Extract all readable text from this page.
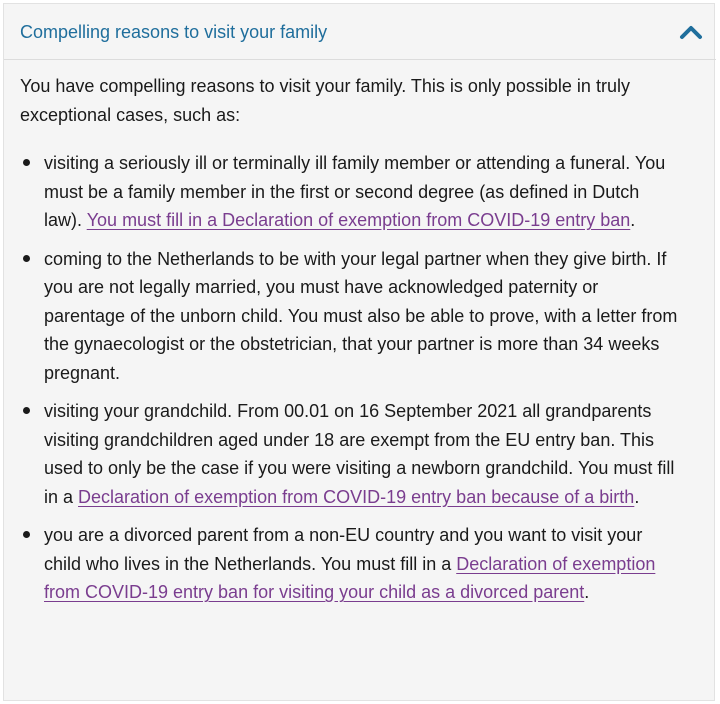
Compelling reasons to visit your family

You have compelling reasons to visit your family. This is only possible in truly exceptional cases, such as:

visiting a seriously ill or terminally ill family member or attending a funeral. You must be a family member in the first or second degree (as defined in Dutch law). You must fill in a Declaration of exemption from COVID-19 entry ban.
coming to the Netherlands to be with your legal partner when they give birth. If you are not legally married, you must have acknowledged paternity or parentage of the unborn child. You must also be able to prove, with a letter from the gynaecologist or the obstetrician, that your partner is more than 34 weeks pregnant.
visiting your grandchild. From 00.01 on 16 September 2021 all grandparents visiting grandchildren aged under 18 are exempt from the EU entry ban. This used to only be the case if you were visiting a newborn grandchild. You must fill in a Declaration of exemption from COVID-19 entry ban because of a birth.
you are a divorced parent from a non-EU country and you want to visit your child who lives in the Netherlands. You must fill in a Declaration of exemption from COVID-19 entry ban for visiting your child as a divorced parent.
